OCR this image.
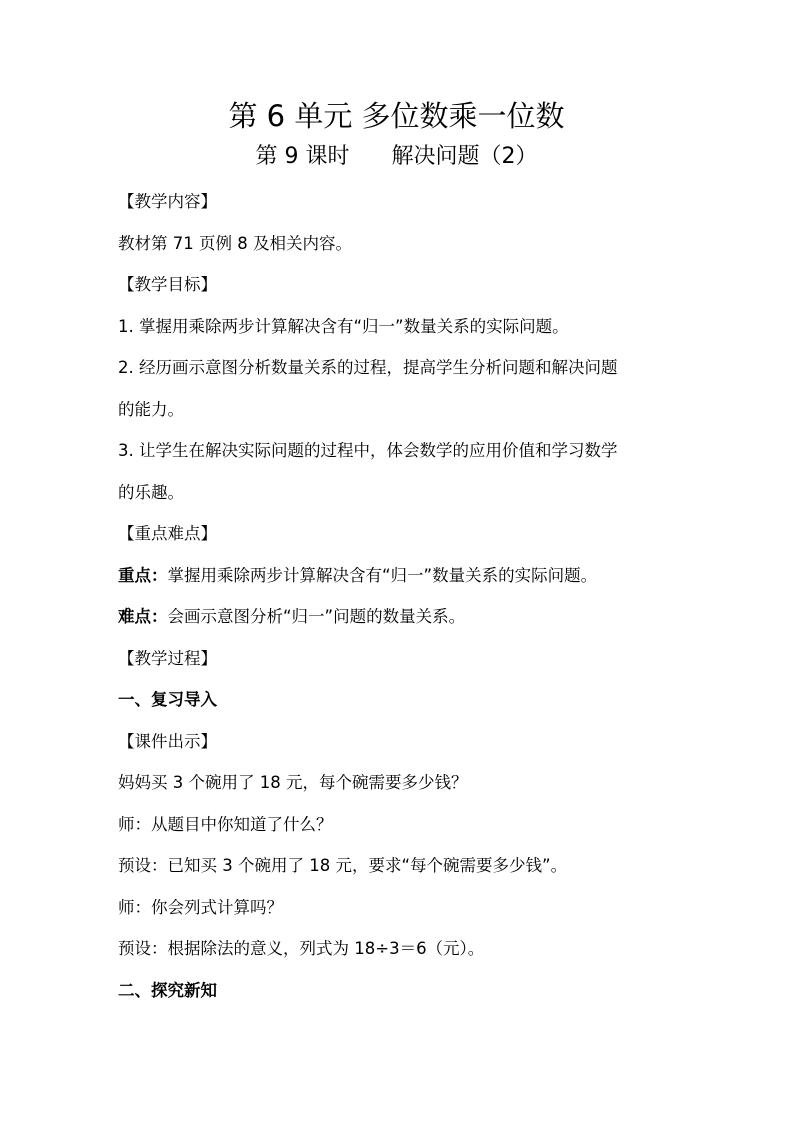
第 6 单元 多位数乘一位数
第 9 课时      解决问题（2）
【教学内容】
教材第 71 页例 8 及相关内容。
【教学目标】
1. 掌握用乘除两步计算解决含有“归一”数量关系的实际问题。
2. 经历画示意图分析数量关系的过程，提高学生分析问题和解决问题
的能力。
3. 让学生在解决实际问题的过程中，体会数学的应用价值和学习数学
的乐趣。
【重点难点】
重点：掌握用乘除两步计算解决含有“归一”数量关系的实际问题。
难点：会画示意图分析“归一”问题的数量关系。
【教学过程】
一、复习导入
【课件出示】
妈妈买 3 个碗用了 18 元，每个碗需要多少钱？
师：从题目中你知道了什么？
预设：已知买 3 个碗用了 18 元，要求“每个碗需要多少钱”。
师：你会列式计算吗？
预设：根据除法的意义，列式为 18÷3＝6（元）。
二、探究新知
